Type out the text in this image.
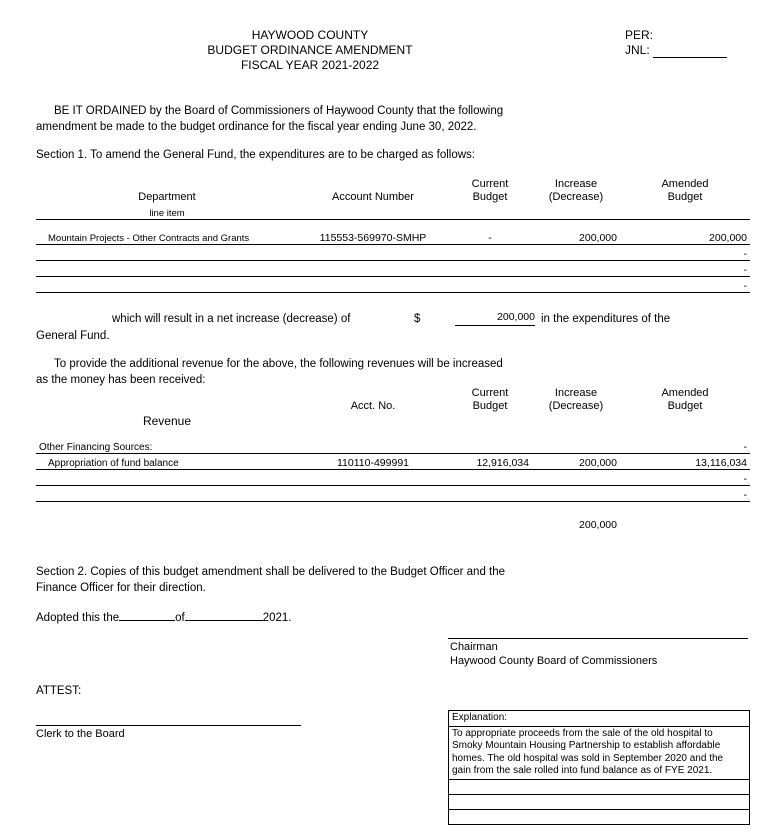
HAYWOOD COUNTY
BUDGET ORDINANCE AMENDMENT
FISCAL YEAR 2021-2022
PER:
JNL:
BE IT ORDAINED by the Board of Commissioners of Haywood County that the following
amendment be made to the budget ordinance for the fiscal year ending June 30, 2022.
Section 1. To amend the General Fund, the expenditures are to be charged as follows:
Department	Account Number

Current
Budget

Increase
(Decrease)

Amended
Budget

line item				

Mountain Projects - Other Contracts and Grants	115553-569970-SMHP	-	200,000	200,000
				-
				-
				-
which will result in a net increase (decrease) of	$	200,000 in the expenditures of the
General Fund.
To provide the additional revenue for the above, the following revenues will be increased
as the money has been received:

Acct. No.

Current
Budget

Increase
(Decrease)

Amended
Budget

Revenue				

Other Financing Sources:				-
Appropriation of fund balance	110110-499991	12,916,034	200,000	13,116,034
				-
				-
			200,000	
Section 2. Copies of this budget amendment shall be delivered to the Budget Officer and the
Finance Officer for their direction.
Adopted this the	of	2021.
Chairman
Haywood County Board of Commissioners
ATTEST:
Clerk to the Board
Explanation:
To appropriate proceeds from the sale of the old hospital to
Smoky Mountain Housing Partnership to establish affordable
homes. The old hospital was sold in September 2020 and the
gain from the sale rolled into fund balance as of FYE 2021.
